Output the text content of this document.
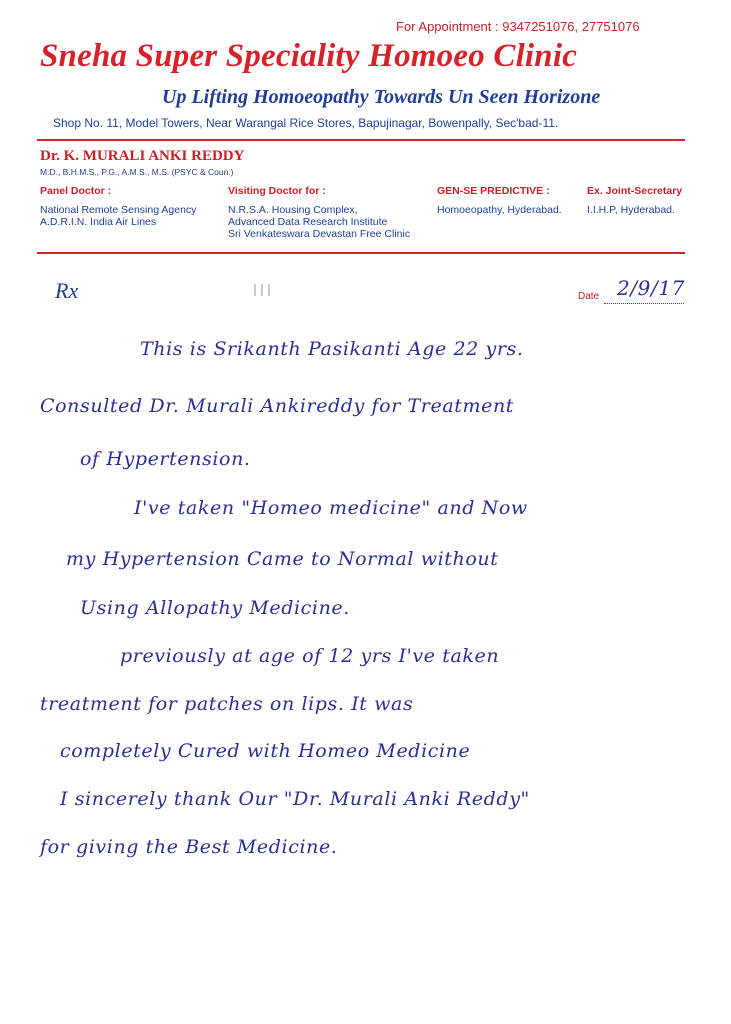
For Appointment : 9347251076, 27751076
Sneha Super Speciality Homoeo Clinic
Up Lifting Homoeopathy Towards Un Seen Horizone
Shop No. 11, Model Towers, Near Warangal Rice Stores, Bapujinagar, Bowenpally, Sec'bad-11.
Dr. K. MURALI ANKI REDDY
M.D., B.H.M.S., P.G., A.M.S., M.S. (PSYC & Coun.)
Panel Doctor :
National Remote Sensing Agency
A.D.R.I.N. India Air Lines
Visiting Doctor for :
N.R.S.A. Housing Complex,
Advanced Data Research Institute
Sri Venkateswara Devastan Free Clinic
GEN-SE PREDICTIVE :
Homoeopathy, Hyderabad.
Ex. Joint-Secretary
I.I.H.P, Hyderabad.
Rx	Date 2/9/17
This is Srikanth Pasikanti Age 22 yrs.
Consulted Dr. Murali Ankireddy for Treatment
of Hypertension.
I've taken "Homeo medicine" and Now
my Hypertension Came to Normal without
Using Allopathy Medicine.
previously at age of 12 yrs I've taken
treatment for patches on lips. It was
completely Cured with Homeo Medicine
I sincerely thank Our "Dr. Murali Anki Reddy"
for giving the Best Medicine.
